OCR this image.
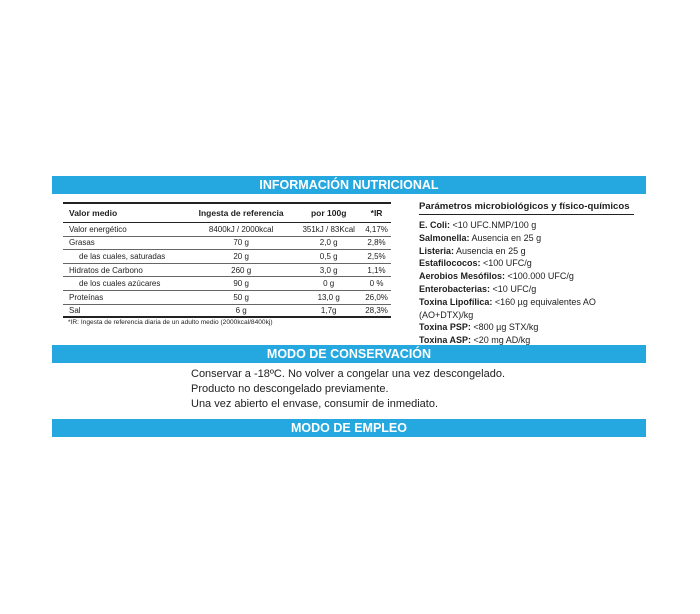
INFORMACIÓN NUTRICIONAL
Valor medio	Ingesta de referencia	por 100g	*IR
Valor energético	8400kJ / 2000kcal	351kJ / 83Kcal	4,17%
Grasas	70 g	2,0 g	2,8%
de las cuales, saturadas	20 g	0,5 g	2,5%
Hidratos de Carbono	260 g	3,0 g	1,1%
de los cuales azúcares	90 g	0 g	0 %
Proteínas	50 g	13,0 g	26,0%
Sal	6 g	1,7g	28,3%
*IR: Ingesta de referencia diaria de un adulto medio (2000kcal/8400kj)
Parámetros microbiológicos y físico-químicos
E. Coli: <10 UFC.NMP/100 g
Salmonella: Ausencia en 25 g
Listeria: Ausencia en 25 g
Estafilococos: <100 UFC/g
Aerobios Mesófilos: <100.000 UFC/g
Enterobacterias: <10 UFC/g
Toxina Lipofílica: <160 µg equivalentes AO (AO+DTX)/kg
Toxina PSP: <800 µg STX/kg
Toxina ASP: <20 mg AD/kg
MODO DE CONSERVACIÓN
Conservar a -18ºC. No volver a congelar una vez descongelado.
Producto no descongelado previamente.
Una vez abierto el envase, consumir de inmediato.
MODO DE EMPLEO
